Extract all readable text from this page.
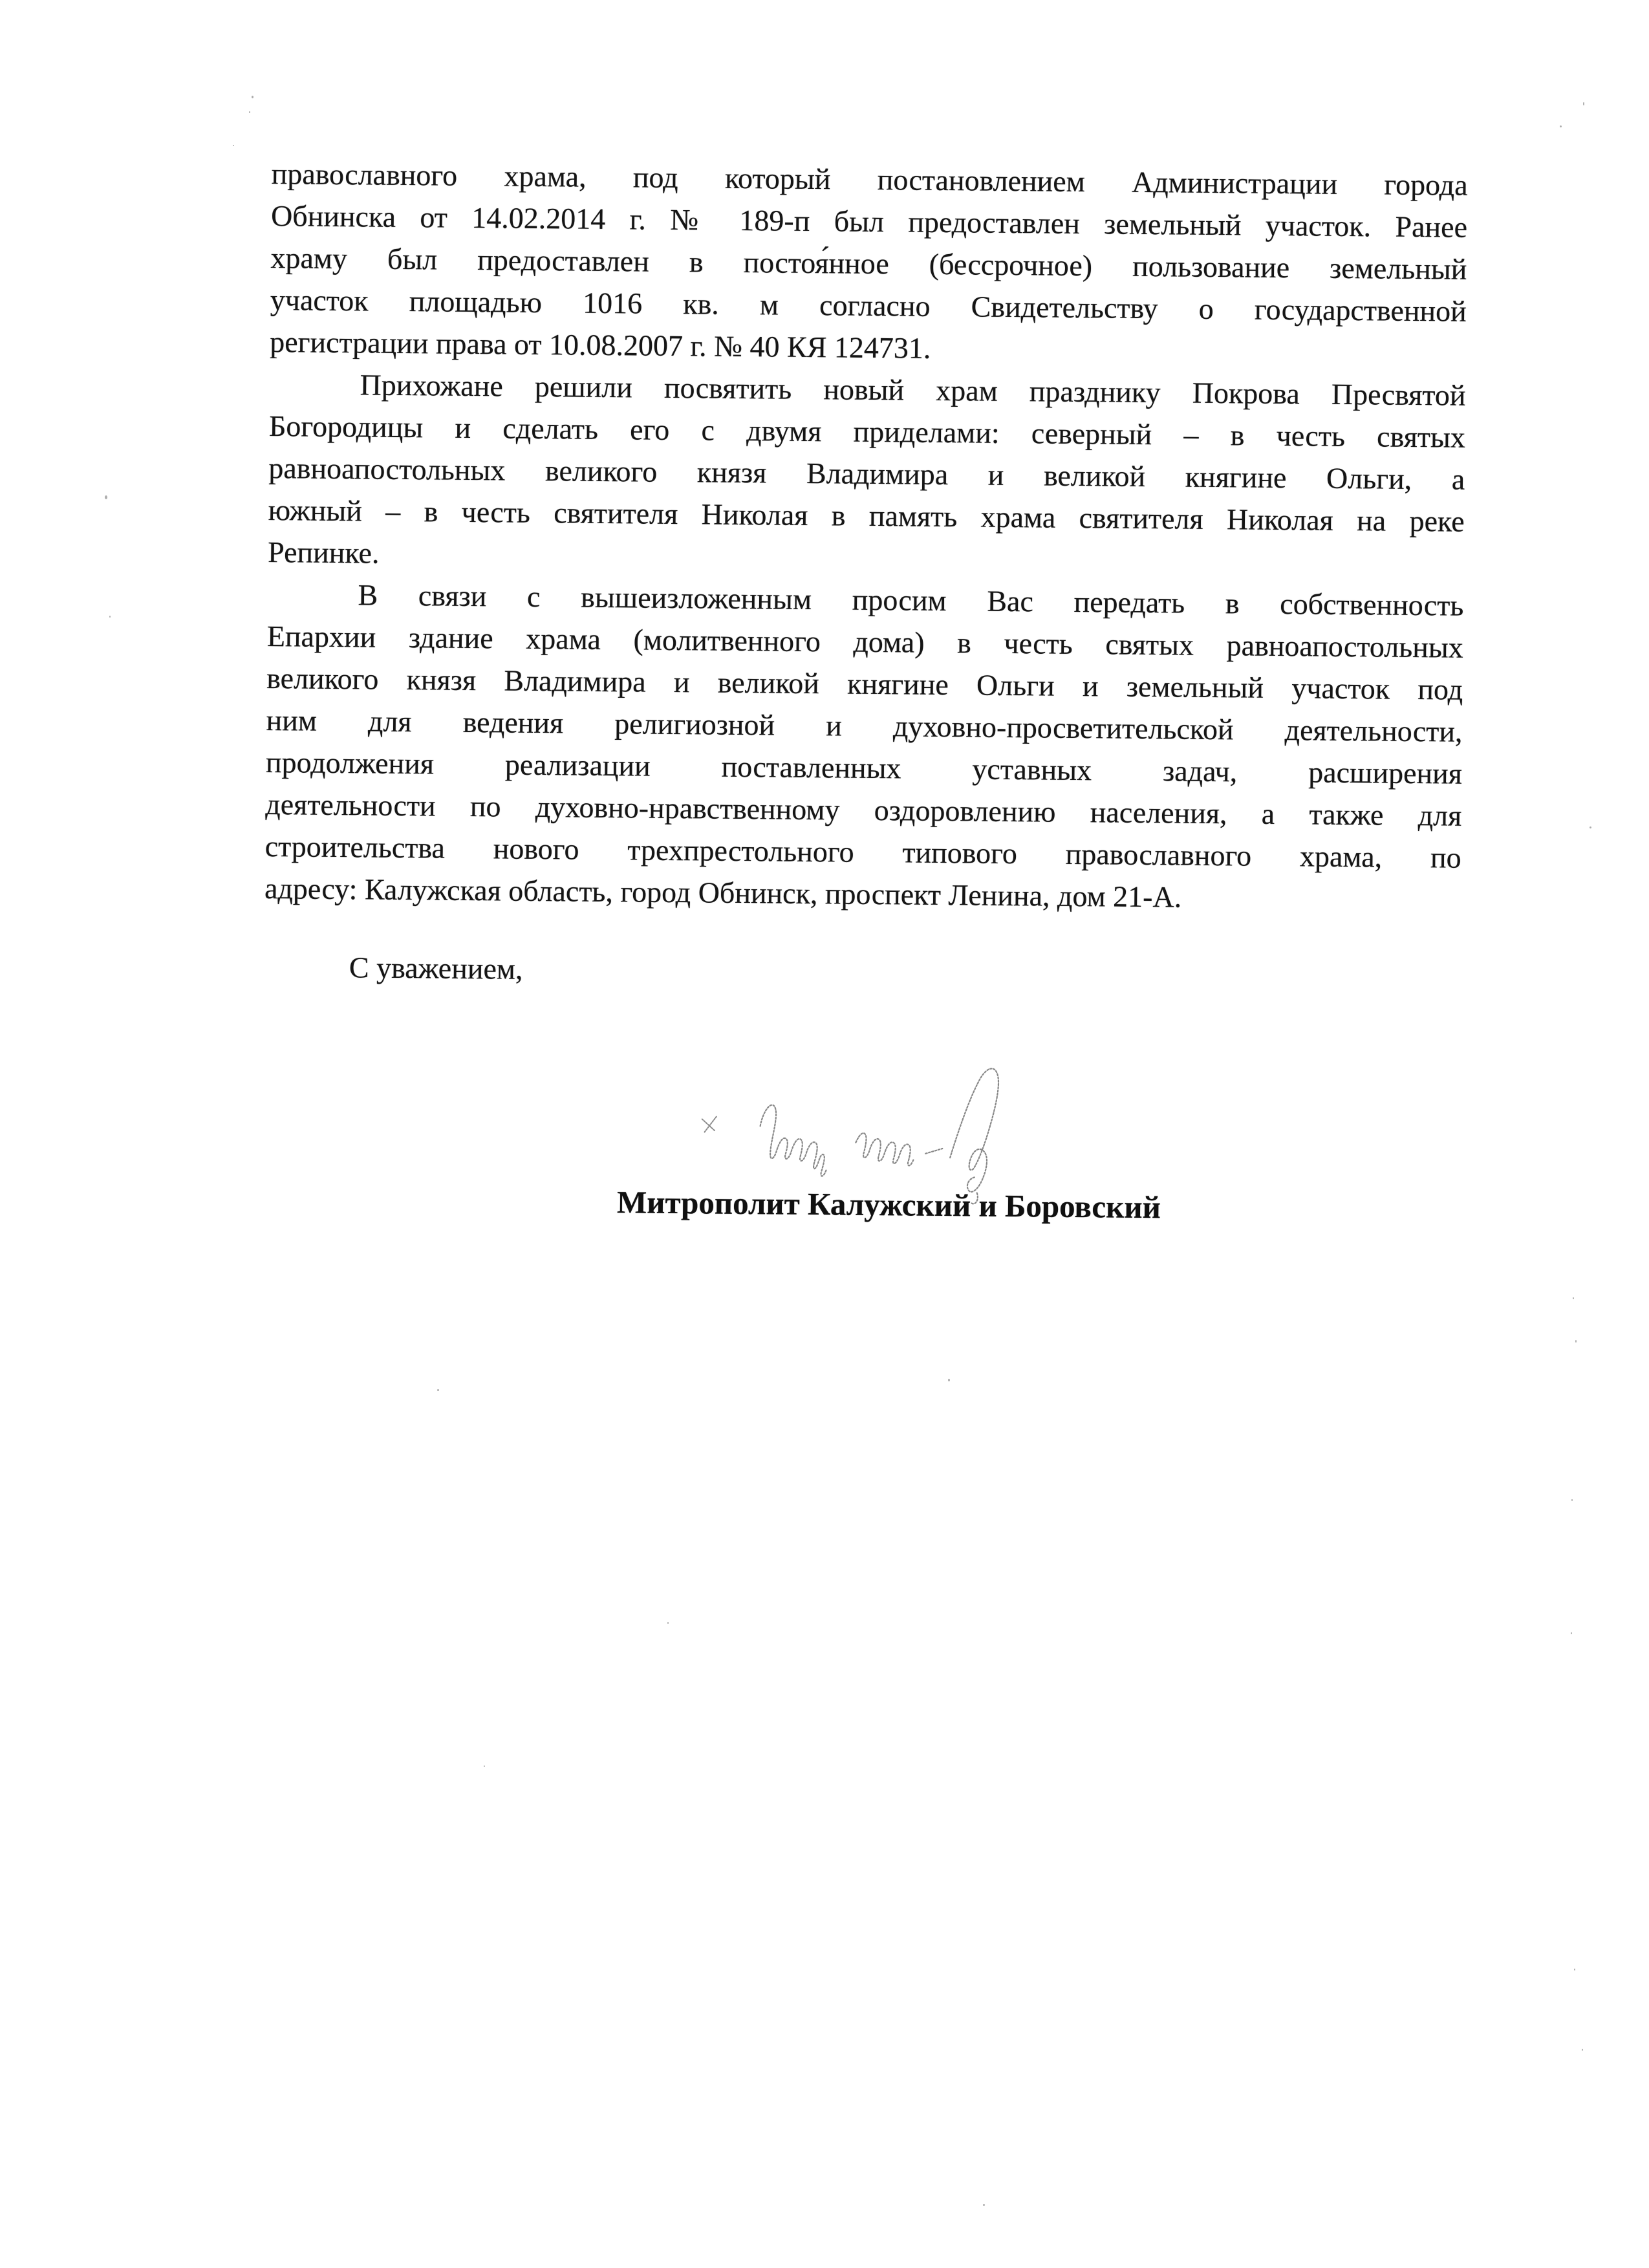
православного храма, под который постановлением Администрации города
Обнинска от 14.02.2014 г. № 189-п был предоставлен земельный участок. Ранее
храму был предоставлен в постоя́нное (бессрочное) пользование земельный
участок площадью 1016 кв. м согласно Свидетельству о государственной
регистрации права от 10.08.2007 г. № 40 КЯ 124731.
Прихожане решили посвятить новый храм празднику Покрова Пресвятой
Богородицы и сделать его с двумя приделами: северный – в честь святых
равноапостольных великого князя Владимира и великой княгине Ольги, а
южный – в честь святителя Николая в память храма святителя Николая на реке
Репинке.
В связи с вышеизложенным просим Вас передать в собственность
Епархии здание храма (молитвенного дома) в честь святых равноапостольных
великого князя Владимира и великой княгине Ольги и земельный участок под
ним для ведения религиозной и духовно-просветительской деятельности,
продолжения реализации поставленных уставных задач, расширения
деятельности по духовно-нравственному оздоровлению населения, а также для
строительства нового трехпрестольного типового православного храма, по
адресу: Калужская область, город Обнинск, проспект Ленина, дом 21-А.
С уважением,
Митрополит Калужский и Боровский
